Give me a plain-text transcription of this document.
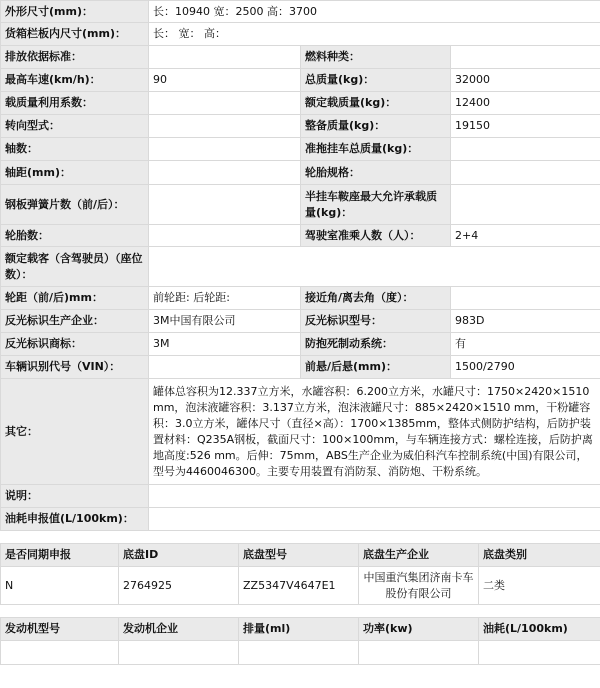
外形尺寸(mm)：	长：10940 宽：2500 高：3700		
货箱栏板内尺寸(mm)：	长： 宽： 高：		
排放依据标准：		燃料种类：	
最高车速(km/h)：	90	总质量(kg)：	32000
载质量利用系数：		额定载质量(kg)：	12400
转向型式：		整备质量(kg)：	19150
轴数：		准拖挂车总质量(kg)：	
轴距(mm)：		轮胎规格：	
钢板弹簧片数（前/后）：		半挂车鞍座最大允许承载质量(kg)：	
轮胎数：		驾驶室准乘人数（人）：	2+4
额定载客（含驾驶员）（座位数）：			
轮距（前/后)mm：	前轮距: 后轮距:	接近角/离去角（度）：	
反光标识生产企业：	3M中国有限公司	反光标识型号：	983D
反光标识商标：	3M	防抱死制动系统：	有
车辆识别代号（VIN）：		前悬/后悬(mm)：	1500/2790
其它：	罐体总容积为12.337立方米，水罐容积：6.200立方米，水罐尺寸：1750×2420×1510 mm，泡沫液罐容积：3.137立方米，泡沫液罐尺寸：885×2420×1510 mm，干粉罐容积：3.0立方米，罐体尺寸（直径×高）：1700×1385mm，整体式侧防护结构，后防护装置材料：Q235A钢板，截面尺寸：100×100mm，与车辆连接方式：螺栓连接，后防护离地高度:526 mm。后伸：75mm，ABS生产企业为威伯科汽车控制系统(中国)有限公司，型号为4460046300。主要专用装置有消防泵、消防炮、干粉系统。		
说明：			
油耗申报值(L/100km)：			
是否同期申报	底盘ID	底盘型号	底盘生产企业	底盘类别
N	2764925	ZZ5347V4647E1	中国重汽集团济南卡车股份有限公司	二类
发动机型号	发动机企业	排量(ml)	功率(kw)	油耗(L/100km)
